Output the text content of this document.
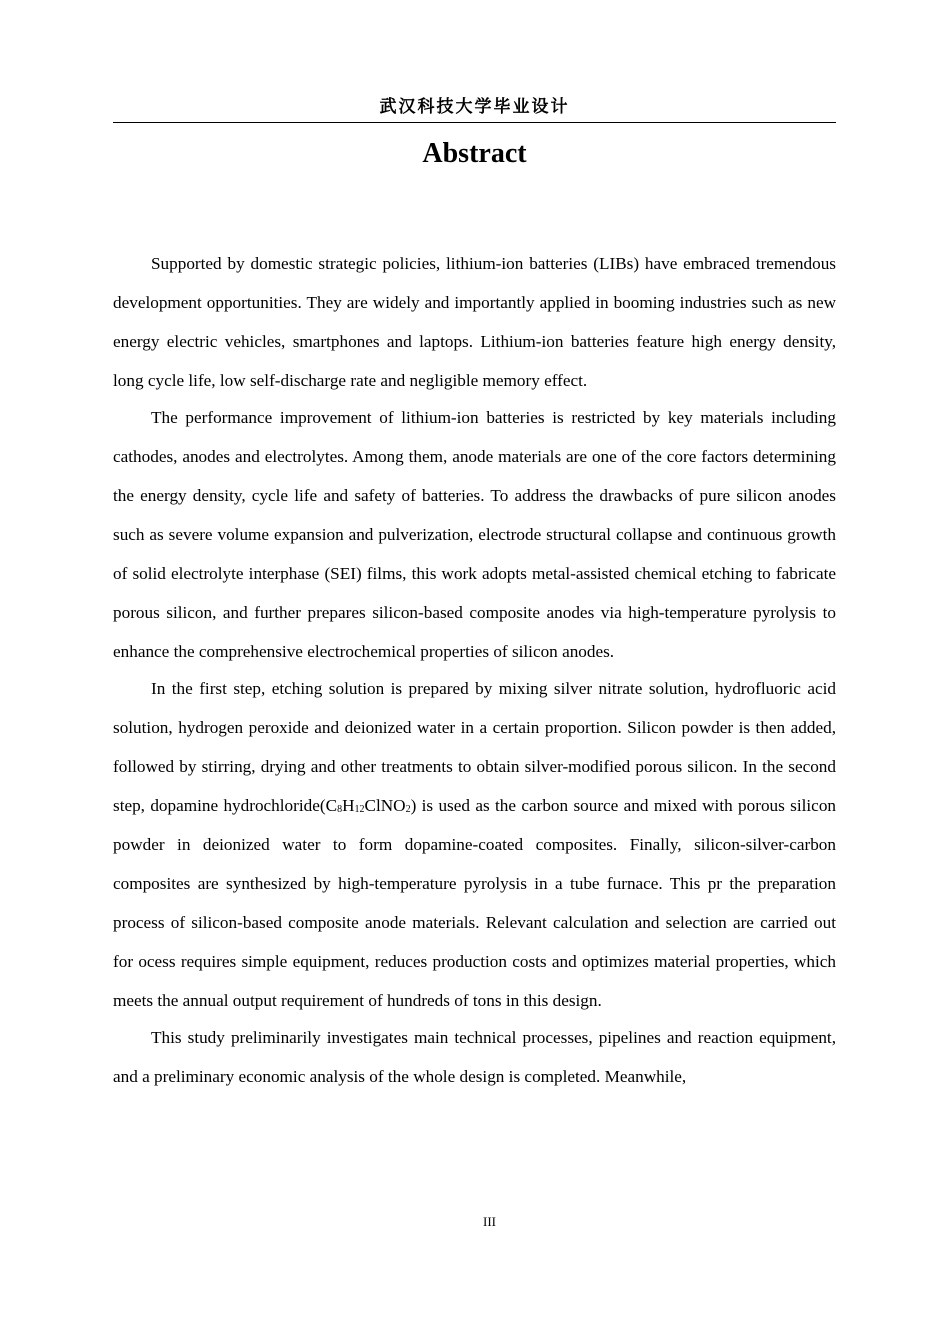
武汉科技大学毕业设计
Abstract

Supported by domestic strategic policies, lithium-ion batteries (LIBs) have embraced tremendous development opportunities. They are widely and importantly applied in booming industries such as new energy electric vehicles, smartphones and laptops. Lithium-ion batteries feature high energy density, long cycle life, low self-discharge rate and negligible memory effect.

The performance improvement of lithium-ion batteries is restricted by key materials including cathodes, anodes and electrolytes. Among them, anode materials are one of the core factors determining the energy density, cycle life and safety of batteries. To address the drawbacks of pure silicon anodes such as severe volume expansion and pulverization, electrode structural collapse and continuous growth of solid electrolyte interphase (SEI) films, this work adopts metal-assisted chemical etching to fabricate porous silicon, and further prepares silicon-based composite anodes via high-temperature pyrolysis to enhance the comprehensive electrochemical properties of silicon anodes.

In the first step, etching solution is prepared by mixing silver nitrate solution, hydrofluoric acid solution, hydrogen peroxide and deionized water in a certain proportion. Silicon powder is then added, followed by stirring, drying and other treatments to obtain silver-modified porous silicon. In the second step, dopamine $hydrochloride(C_8H_{12}ClNO_2)$ is used as the carbon source and mixed with porous silicon powder in deionized water to form dopamine-coated composites. Finally, silicon-silver-carbon composites are synthesized by high-temperature pyrolysis in a tube furnace. This pr the preparation process of silicon-based composite anode materials. Relevant calculation and selection are carried out for ocess requires simple equipment, reduces production costs and optimizes material properties, which meets the annual output requirement of hundreds of tons in this design.

This study preliminarily investigates main technical processes, pipelines and reaction equipment, and a preliminary economic analysis of the whole design is completed. Meanwhile,

III
